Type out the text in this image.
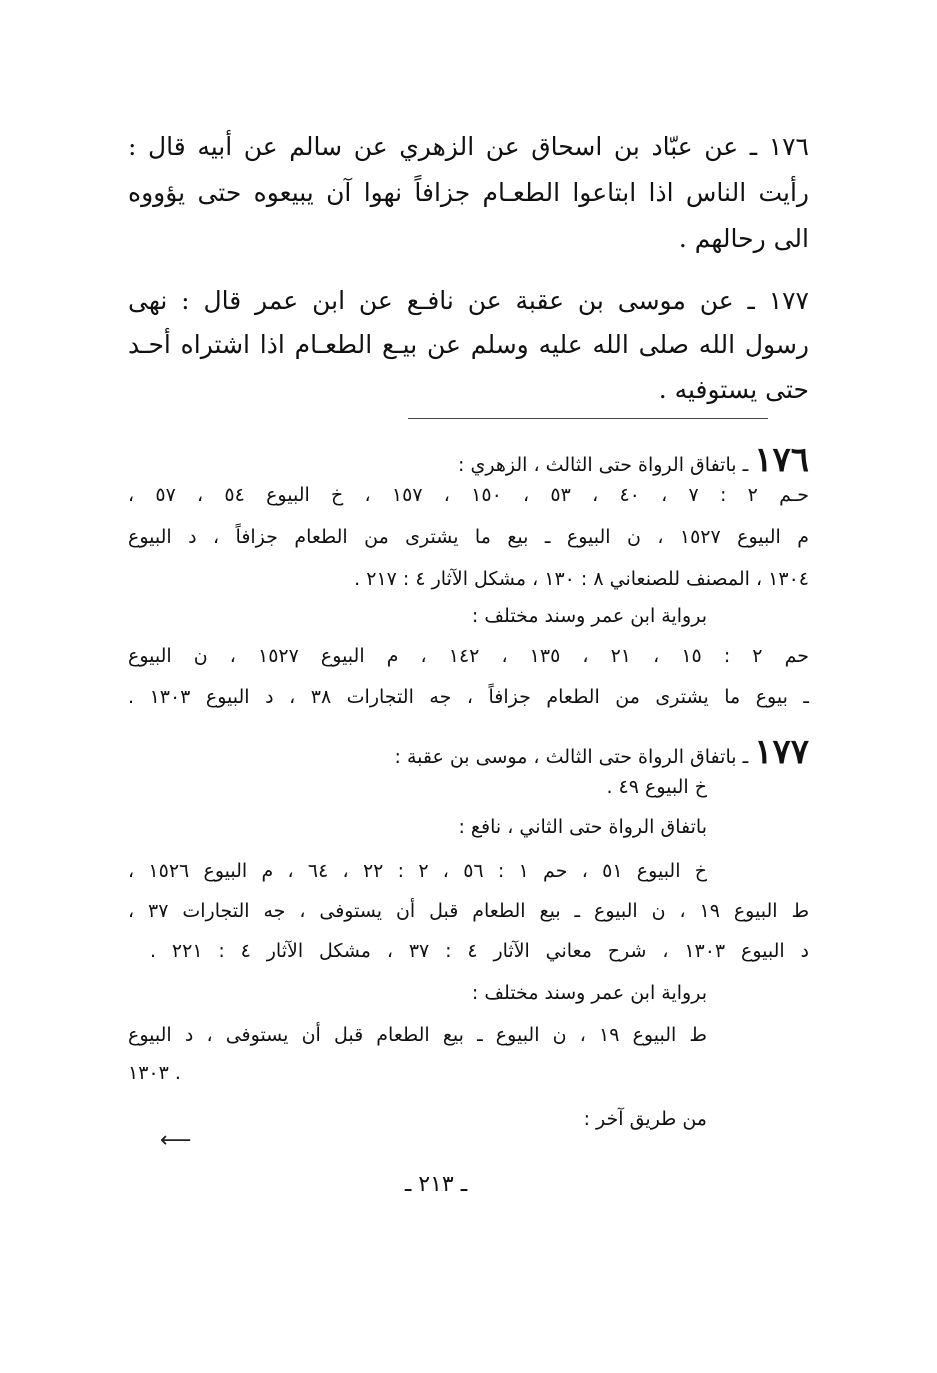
١٧٦ ـ عن عبّاد بن اسحاق عن الزهري عن سالم عن أبيه قال :
رأيت الناس اذا ابتاعوا الطعـام جزافاً نهوا آن يبيعوه حتى يؤووه
الى رحالهم .
١٧٧ ـ عن موسى بن عقبة عن نافـع عن ابن عمر قال : نهى
رسول الله صلى الله عليه وسلم عن بيـع الطعـام اذا اشتراه أحـد
حتى يستوفيه .
١٧٦ ـ باتفاق الرواة حتى الثالث ، الزهري :
حـم ٢ : ٧ ، ٤٠ ، ٥٣ ، ١٥٠ ، ١٥٧ ، خ البيوع ٥٤ ، ٥٧ ،
م البيوع ١٥٢٧ ، ن البيوع ـ بيع ما يشترى من الطعام جزافاً ، د البيوع
١٣٠٤ ، المصنف للصنعاني ٨ : ١٣٠ ، مشكل الآثار ٤ : ٢١٧ .
برواية ابن عمر وسند مختلف :
حم ٢ : ١٥ ، ٢١ ، ١٣٥ ، ١٤٢ ، م البيوع ١٥٢٧ ، ن البيوع
ـ بيوع ما يشترى من الطعام جزافاً ، جه التجارات ٣٨ ، د البيوع ١٣٠٣ .
١٧٧ ـ باتفاق الرواة حتى الثالث ، موسى بن عقبة :
خ البيوع ٤٩ .
باتفاق الرواة حتى الثاني ، نافع :
خ البيوع ٥١ ، حم ١ : ٥٦ ، ٢ : ٢٢ ، ٦٤ ، م البيوع ١٥٢٦ ،
ط البيوع ١٩ ، ن البيوع ـ بيع الطعام قبل أن يستوفى ، جه التجارات ٣٧ ،
د البيوع ١٣٠٣ ، شرح معاني الآثار ٤ : ٣٧ ، مشكل الآثار ٤ : ٢٢١ .
برواية ابن عمر وسند مختلف :
ط البيوع ١٩ ، ن البيوع ـ بيع الطعام قبل أن يستوفى ، د البيوع
١٣٠٣ .
من طريق آخر :
⟵
ـ ٢١٣ ـ
